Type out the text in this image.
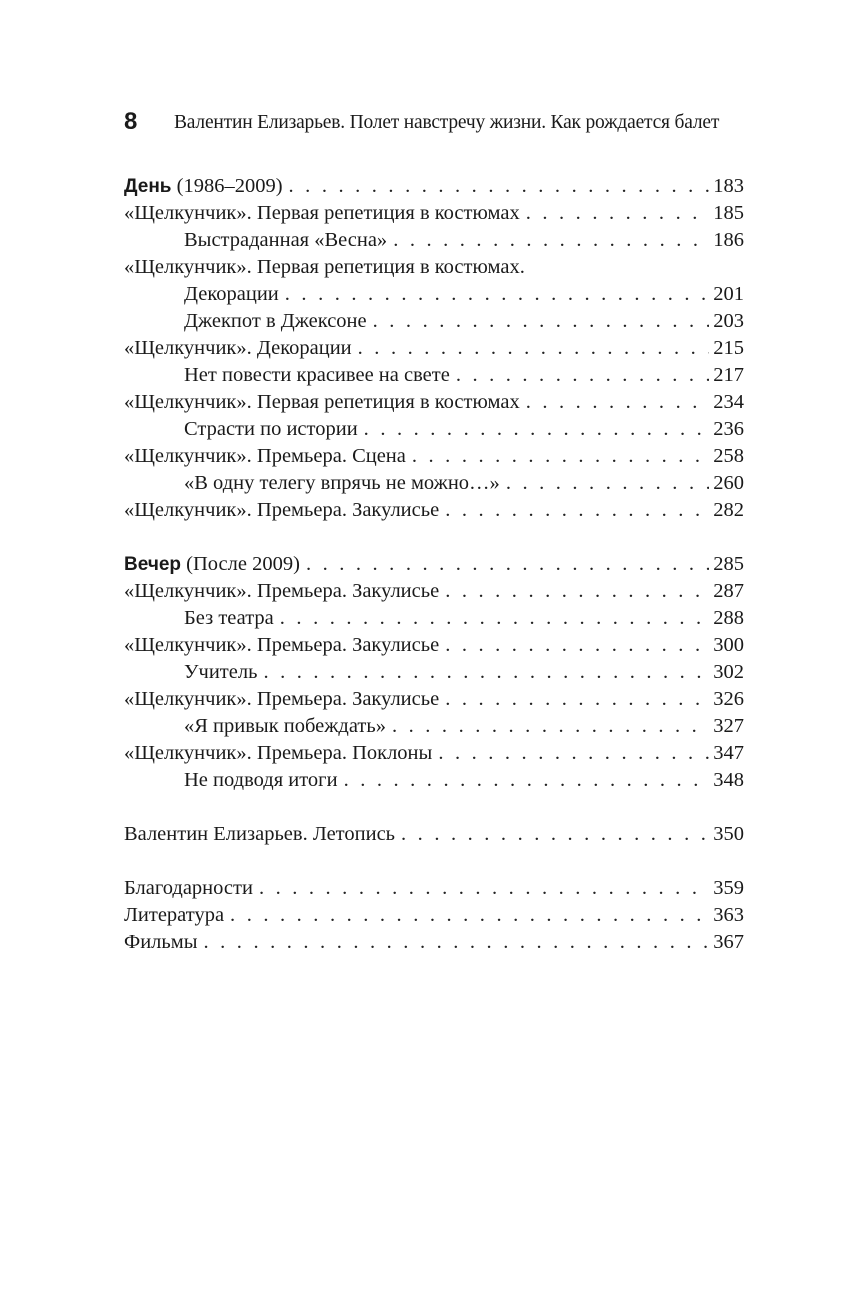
8 Валентин Елизарьев. Полет навстречу жизни. Как рождается балет
День (1986–2009) . . .	183
«Щелкунчик». Первая репетиция в костюмах . . .	185
Выстраданная «Весна» . . .	186
«Щелкунчик». Первая репетиция в костюмах.
Декорации . . .	201
Джекпот в Джексоне . . .	203
«Щелкунчик». Декорации . . .	215
Нет повести красивее на свете . . .	217
«Щелкунчик». Первая репетиция в костюмах . . .	234
Страсти по истории . . .	236
«Щелкунчик». Премьера. Сцена . . .	258
«В одну телегу впрячь не можно…» . . .	260
«Щелкунчик». Премьера. Закулисье . . .	282
Вечер (После 2009) . . .	285
«Щелкунчик». Премьера. Закулисье . . .	287
Без театра . . .	288
«Щелкунчик». Премьера. Закулисье . . .	300
Учитель . . .	302
«Щелкунчик». Премьера. Закулисье . . .	326
«Я привык побеждать» . . .	327
«Щелкунчик». Премьера. Поклоны . . .	347
Не подводя итоги . . .	348
Валентин Елизарьев. Летопись . . .	350
Благодарности . . .	359
Литература . . .	363
Фильмы . . .	367
